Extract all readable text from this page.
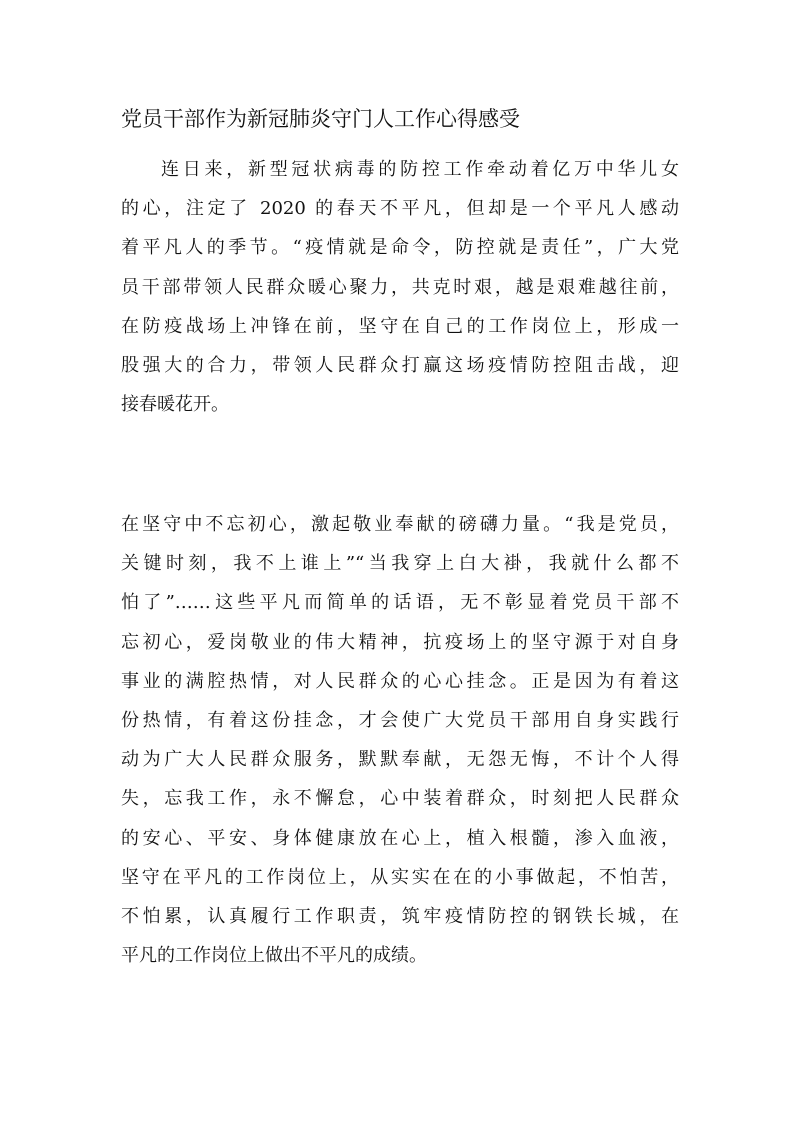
党员干部作为新冠肺炎守门人工作心得感受
连日来，新型冠状病毒的防控工作牵动着亿万中华儿女
的心，注定了 2020 的春天不平凡，但却是一个平凡人感动
着平凡人的季节。“疫情就是命令，防控就是责任”，广大党
员干部带领人民群众暖心聚力，共克时艰，越是艰难越往前，
在防疫战场上冲锋在前，坚守在自己的工作岗位上，形成一
股强大的合力，带领人民群众打赢这场疫情防控阻击战，迎
接春暖花开。
在坚守中不忘初心，激起敬业奉献的磅礴力量。“我是党员，
关键时刻，我不上谁上”“当我穿上白大褂，我就什么都不
怕了”……这些平凡而简单的话语，无不彰显着党员干部不
忘初心，爱岗敬业的伟大精神，抗疫场上的坚守源于对自身
事业的满腔热情，对人民群众的心心挂念。正是因为有着这
份热情，有着这份挂念，才会使广大党员干部用自身实践行
动为广大人民群众服务，默默奉献，无怨无悔，不计个人得
失，忘我工作，永不懈怠，心中装着群众，时刻把人民群众
的安心、平安、身体健康放在心上，植入根髓，渗入血液，
坚守在平凡的工作岗位上，从实实在在的小事做起，不怕苦，
不怕累，认真履行工作职责，筑牢疫情防控的钢铁长城，在
平凡的工作岗位上做出不平凡的成绩。
